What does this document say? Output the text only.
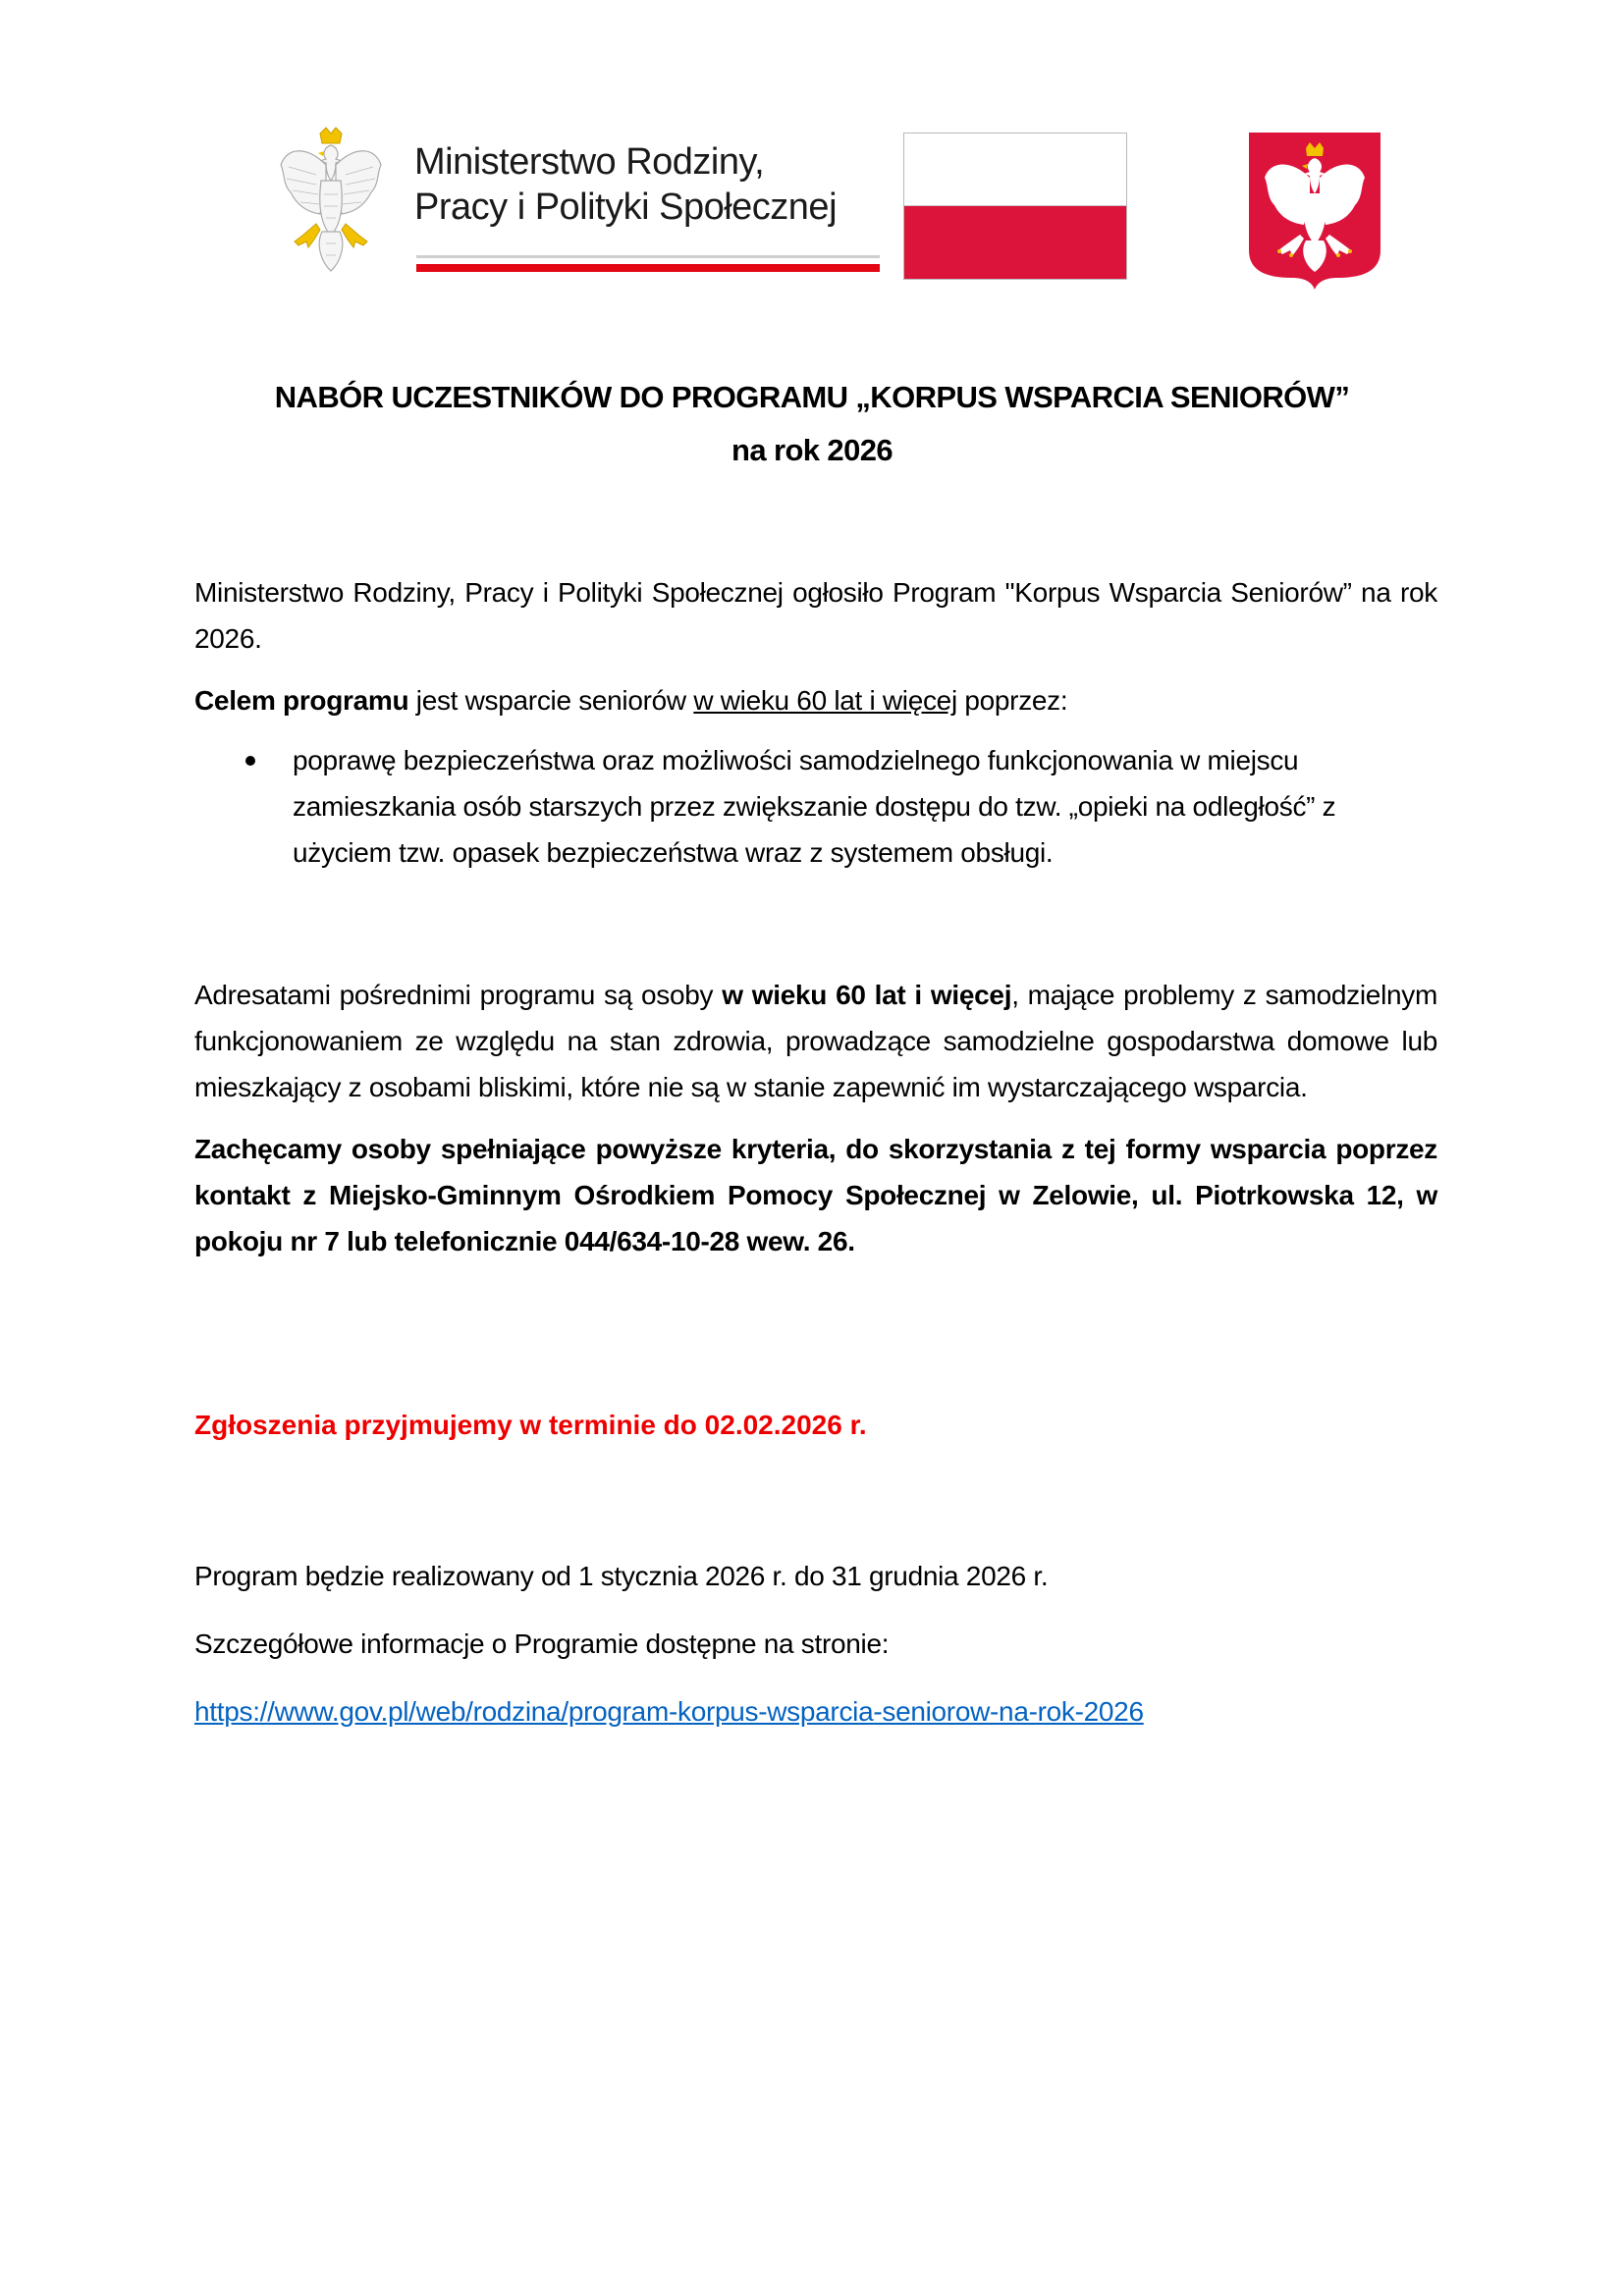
Ministerstwo Rodziny,
Pracy i Polityki Społecznej
NABÓR UCZESTNIKÓW DO PROGRAMU „KORPUS WSPARCIA SENIORÓW”
na rok 2026

Ministerstwo Rodziny, Pracy i Polityki Społecznej ogłosiło Program "Korpus Wsparcia Seniorów” na rok 2026.

Celem programu jest wsparcie seniorów w wieku 60 lat i więcej poprzez:

poprawę bezpieczeństwa oraz możliwości samodzielnego funkcjonowania w miejscu zamieszkania osób starszych przez zwiększanie dostępu do tzw. „opieki na odległość” z użyciem tzw. opasek bezpieczeństwa wraz z systemem obsługi.

Adresatami pośrednimi programu są osoby w wieku 60 lat i więcej, mające problemy z samodzielnym funkcjonowaniem ze względu na stan zdrowia, prowadzące samodzielne gospodarstwa domowe lub mieszkający z osobami bliskimi, które nie są w stanie zapewnić im wystarczającego wsparcia.

Zachęcamy osoby spełniające powyższe kryteria, do skorzystania z tej formy wsparcia poprzez kontakt z Miejsko-Gminnym Ośrodkiem Pomocy Społecznej w Zelowie, ul. Piotrkowska 12, w pokoju nr 7 lub telefonicznie 044/634-10-28 wew. 26.

Zgłoszenia przyjmujemy w terminie do 02.02.2026 r.
Program będzie realizowany od 1 stycznia 2026 r. do 31 grudnia 2026 r.
Szczegółowe informacje o Programie dostępne na stronie:
https://www.gov.pl/web/rodzina/program-korpus-wsparcia-seniorow-na-rok-2026
